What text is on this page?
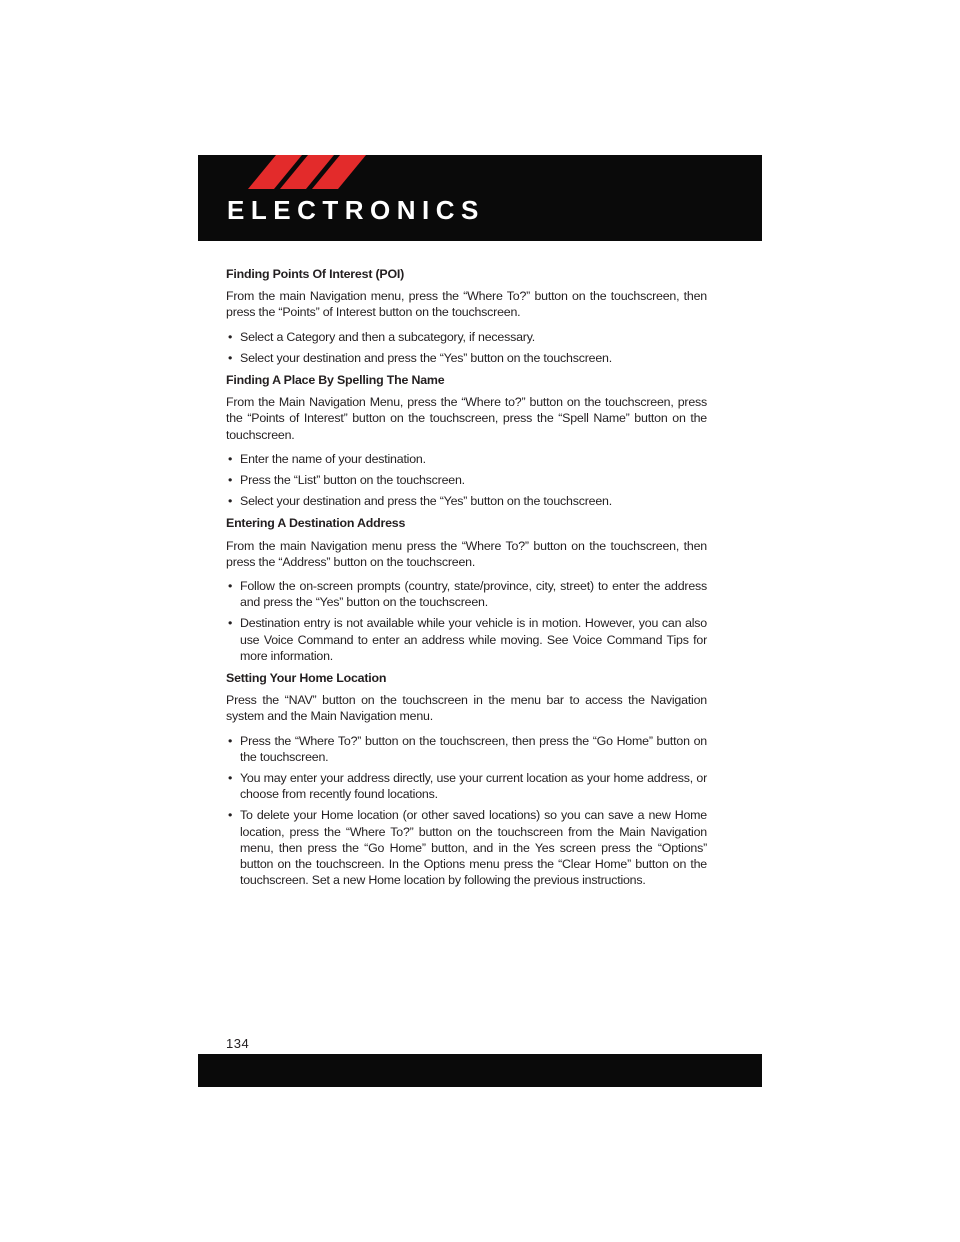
ELECTRONICS
Finding Points Of Interest (POI)

From the main Navigation menu, press the “Where To?” button on the touchscreen, then press the “Points” of Interest button on the touchscreen.

• Select a Category and then a subcategory, if necessary.
• Select your destination and press the “Yes” button on the touchscreen.
Finding A Place By Spelling The Name

From the Main Navigation Menu, press the “Where to?” button on the touchscreen, press the “Points of Interest” button on the touchscreen, press the “Spell Name” button on the touchscreen.

• Enter the name of your destination.
• Press the “List” button on the touchscreen.
• Select your destination and press the “Yes” button on the touchscreen.
Entering A Destination Address

From the main Navigation menu press the “Where To?” button on the touchscreen, then press the “Address” button on the touchscreen.

• Follow the on-screen prompts (country, state/province, city, street) to enter the address and press the “Yes” button on the touchscreen.
• Destination entry is not available while your vehicle is in motion. However, you can also use Voice Command to enter an address while moving. See Voice Command Tips for more information.
Setting Your Home Location

Press the “NAV” button on the touchscreen in the menu bar to access the Navigation system and the Main Navigation menu.

• Press the “Where To?” button on the touchscreen, then press the “Go Home” button on the touchscreen.
• You may enter your address directly, use your current location as your home address, or choose from recently found locations.
• To delete your Home location (or other saved locations) so you can save a new Home location, press the “Where To?” button on the touchscreen from the Main Navigation menu, then press the “Go Home” button, and in the Yes screen press the “Options” button on the touchscreen. In the Options menu press the “Clear Home” button on the touchscreen. Set a new Home location by following the previous instructions.
134
